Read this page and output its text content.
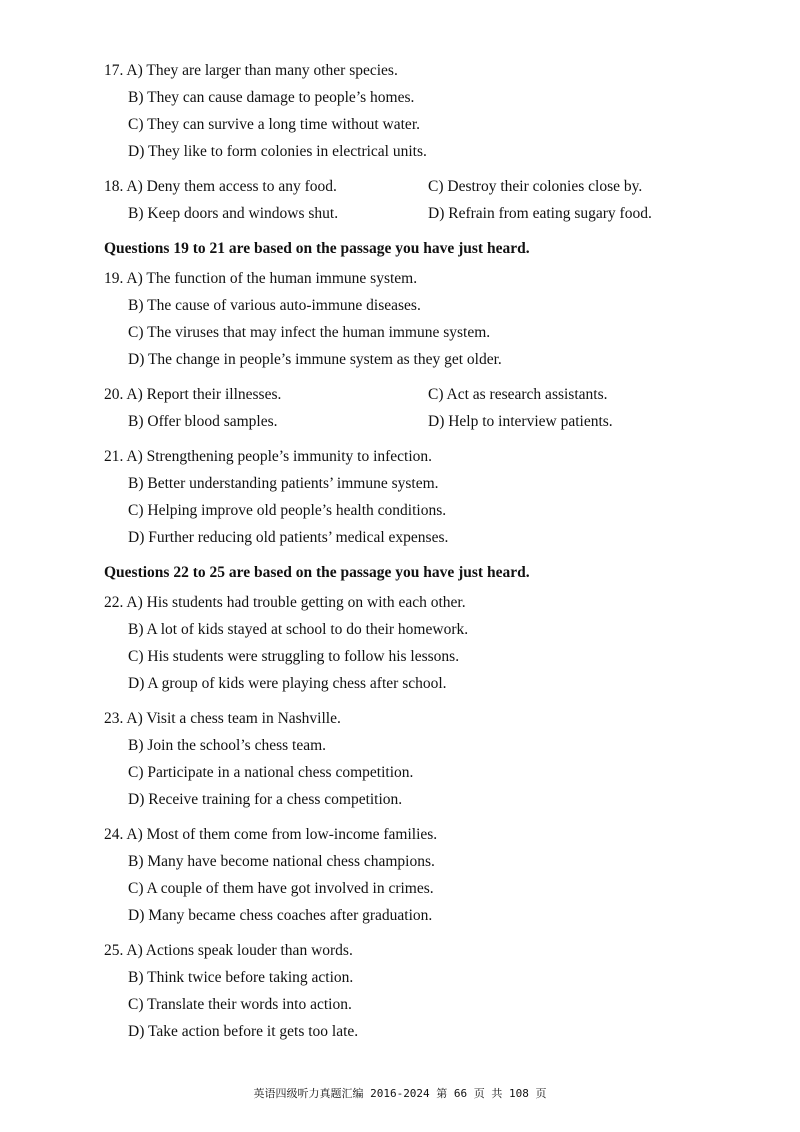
17. A) They are larger than many other species.
B) They can cause damage to people’s homes.
C) They can survive a long time without water.
D) They like to form colonies in electrical units.
18. A) Deny them access to any food.	C) Destroy their colonies close by.
B) Keep doors and windows shut.	D) Refrain from eating sugary food.
Questions 19 to 21 are based on the passage you have just heard.
19. A) The function of the human immune system.
B) The cause of various auto-immune diseases.
C) The viruses that may infect the human immune system.
D) The change in people’s immune system as they get older.
20. A) Report their illnesses.	C) Act as research assistants.
B) Offer blood samples.	D) Help to interview patients.
21. A) Strengthening people’s immunity to infection.
B) Better understanding patients’ immune system.
C) Helping improve old people’s health conditions.
D) Further reducing old patients’ medical expenses.
Questions 22 to 25 are based on the passage you have just heard.
22. A) His students had trouble getting on with each other.
B) A lot of kids stayed at school to do their homework.
C) His students were struggling to follow his lessons.
D) A group of kids were playing chess after school.
23. A) Visit a chess team in Nashville.
B) Join the school’s chess team.
C) Participate in a national chess competition.
D) Receive training for a chess competition.
24. A) Most of them come from low-income families.
B) Many have become national chess champions.
C) A couple of them have got involved in crimes.
D) Many became chess coaches after graduation.
25. A) Actions speak louder than words.
B) Think twice before taking action.
C) Translate their words into action.
D) Take action before it gets too late.
英语四级听力真题汇编 2016-2024 第 66 页 共 108 页
